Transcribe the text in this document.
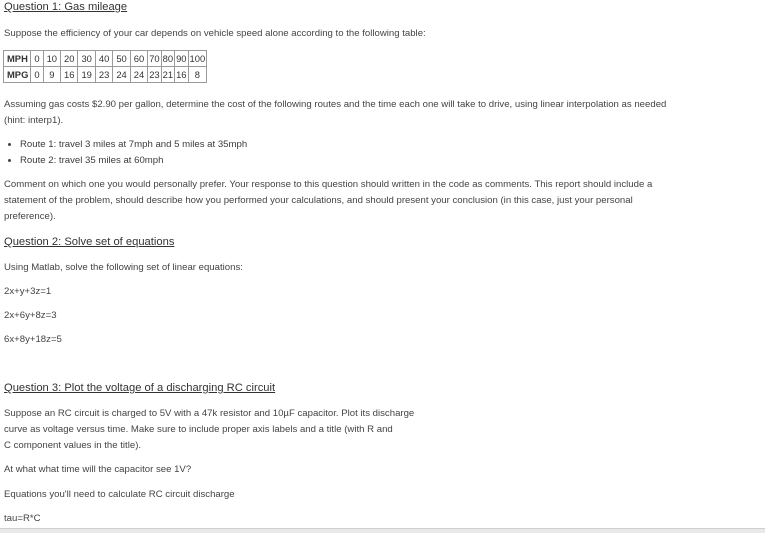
Question 1: Gas mileage
Suppose the efficiency of your car depends on vehicle speed alone according to the following table:
MPH	0	10	20	30	40	50	60	70	80	90	100
MPG	0	9	16	19	23	24	24	23	21	16	8
Assuming gas costs $2.90 per gallon, determine the cost of the following routes and the time each one will take to drive, using linear interpolation as needed
(hint: interp1).
Route 1: travel 3 miles at 7mph and 5 miles at 35mph
Route 2: travel 35 miles at 60mph
Comment on which one you would personally prefer. Your response to this question should written in the code as comments. This report should include a
statement of the problem, should describe how you performed your calculations, and should present your conclusion (in this case, just your personal
preference).
Question 2: Solve set of equations
Using Matlab, solve the following set of linear equations:
2x+y+3z=1
2x+6y+8z=3
6x+8y+18z=5
Question 3: Plot the voltage of a discharging RC circuit
Suppose an RC circuit is charged to 5V with a 47k resistor and 10µF capacitor. Plot its discharge
curve as voltage versus time. Make sure to include proper axis labels and a title (with R and
C component values in the title).
At what what time will the capacitor see 1V?
Equations you'll need to calculate RC circuit discharge
tau=R*C
